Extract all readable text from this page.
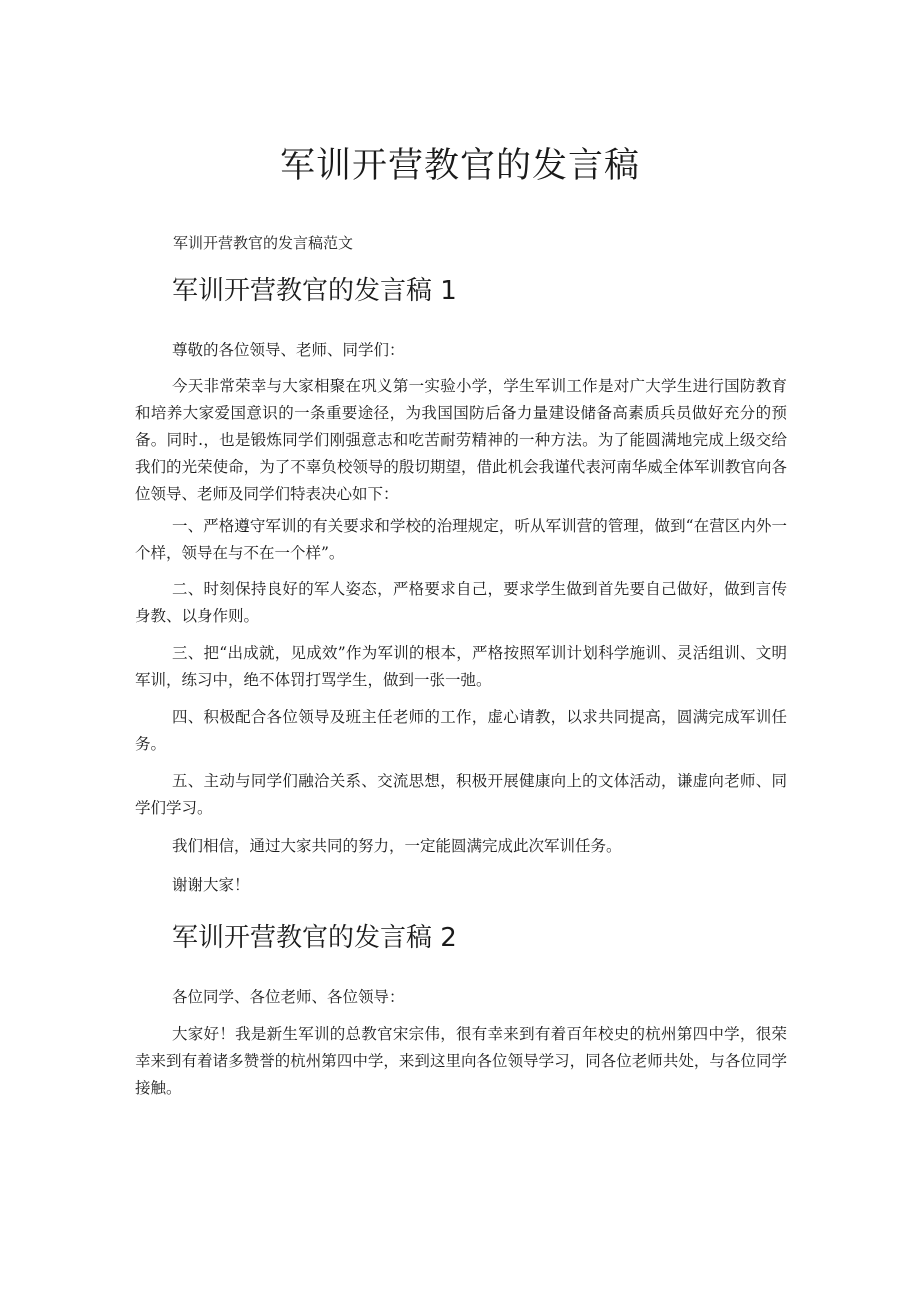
军训开营教官的发言稿

军训开营教官的发言稿范文

军训开营教官的发言稿 1

尊敬的各位领导、老师、同学们：

今天非常荣幸与大家相聚在巩义第一实验小学，学生军训工作是对广大学生进行国防教育和培养大家爱国意识的一条重要途径，为我国国防后备力量建设储备高素质兵员做好充分的预备。同时.，也是锻炼同学们刚强意志和吃苦耐劳精神的一种方法。为了能圆满地完成上级交给我们的光荣使命，为了不辜负校领导的殷切期望，借此机会我谨代表河南华威全体军训教官向各位领导、老师及同学们特表决心如下：

一、严格遵守军训的有关要求和学校的治理规定，听从军训营的管理，做到“在营区内外一个样，领导在与不在一个样”。

二、时刻保持良好的军人姿态，严格要求自己，要求学生做到首先要自己做好，做到言传身教、以身作则。

三、把“出成就，见成效”作为军训的根本，严格按照军训计划科学施训、灵活组训、文明军训，练习中，绝不体罚打骂学生，做到一张一弛。

四、积极配合各位领导及班主任老师的工作，虚心请教，以求共同提高，圆满完成军训任务。

五、主动与同学们融洽关系、交流思想，积极开展健康向上的文体活动，谦虚向老师、同学们学习。

我们相信，通过大家共同的努力，一定能圆满完成此次军训任务。

谢谢大家！

军训开营教官的发言稿 2

各位同学、各位老师、各位领导：

大家好！我是新生军训的总教官宋宗伟，很有幸来到有着百年校史的杭州第四中学，很荣幸来到有着诸多赞誉的杭州第四中学，来到这里向各位领导学习，同各位老师共处，与各位同学接触。
